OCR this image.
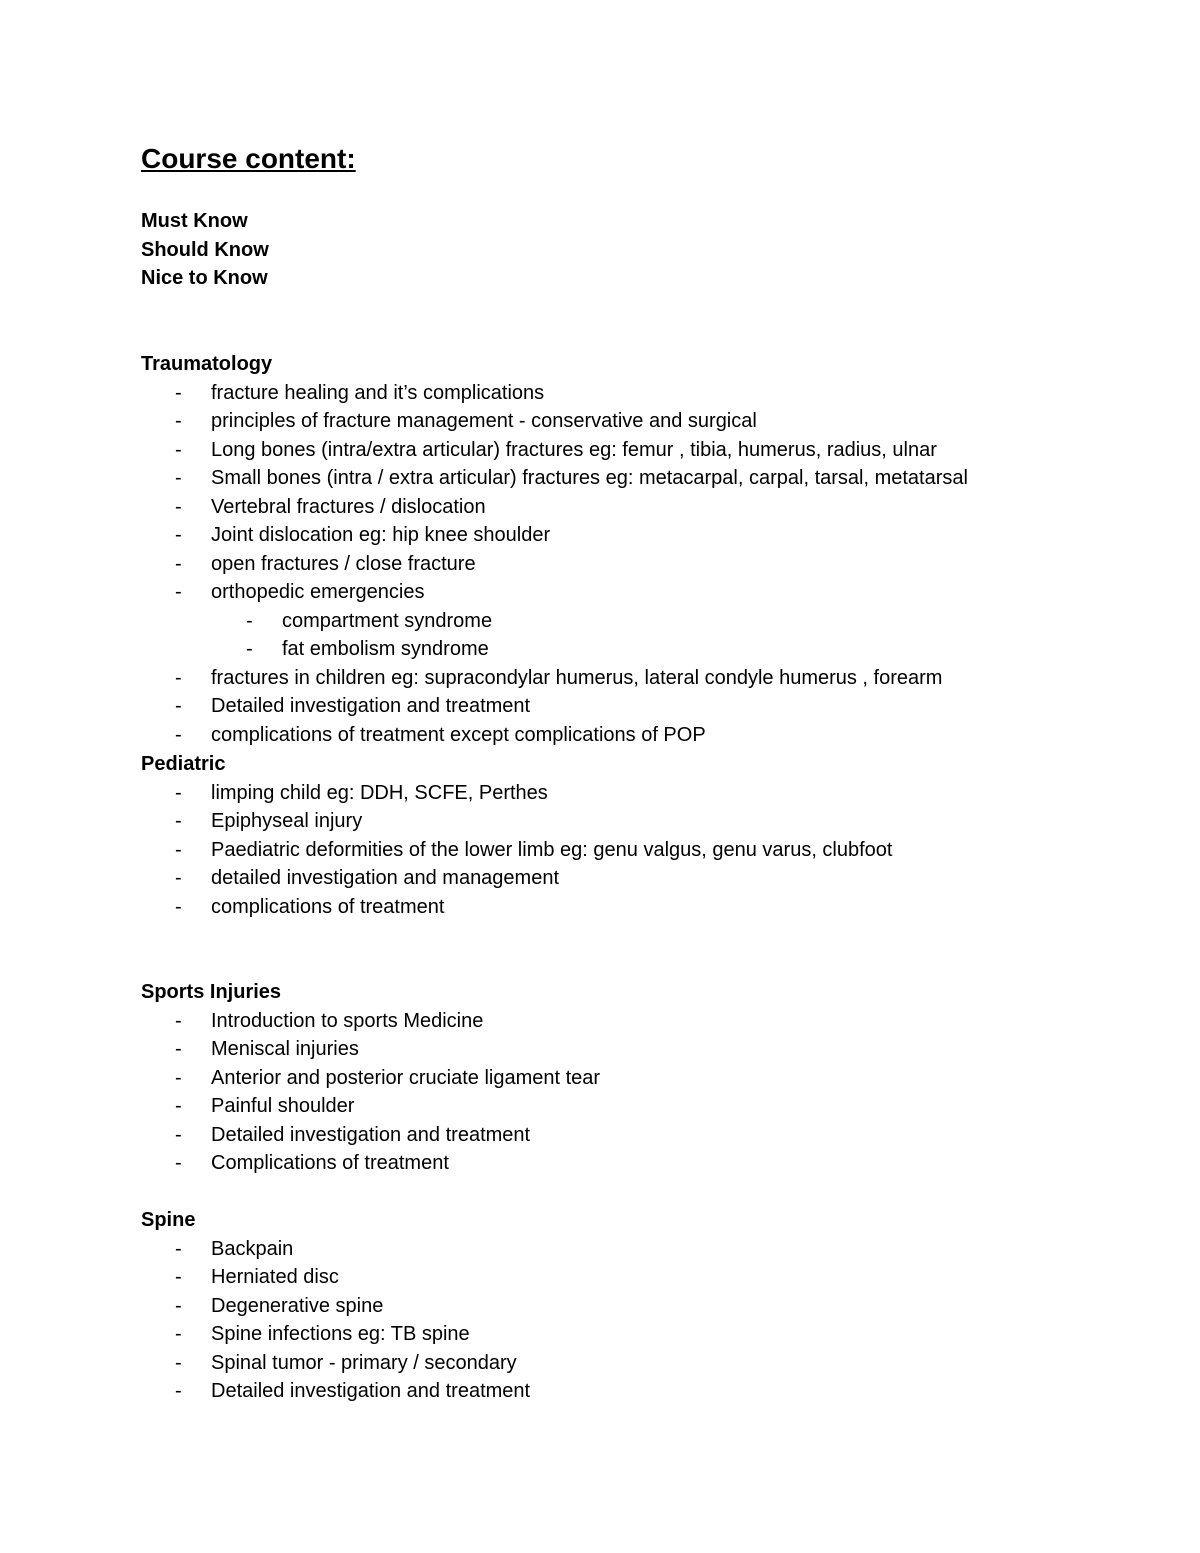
Course content:
Must Know
Should Know
Nice to Know
Traumatology
- fracture healing and it’s complications
- principles of fracture management - conservative and surgical
- Long bones (intra/extra articular) fractures eg: femur , tibia, humerus, radius, ulnar
- Small bones (intra / extra articular) fractures eg: metacarpal, carpal, tarsal, metatarsal
- Vertebral fractures / dislocation
- Joint dislocation eg: hip knee shoulder
- open fractures / close fracture
- orthopedic emergencies
- compartment syndrome
- fat embolism syndrome
- fractures in children eg: supracondylar humerus, lateral condyle humerus , forearm
- Detailed investigation and treatment
- complications of treatment except complications of POP
Pediatric
- limping child eg: DDH, SCFE, Perthes
- Epiphyseal injury
- Paediatric deformities of the lower limb eg: genu valgus, genu varus, clubfoot
- detailed investigation and management
- complications of treatment
Sports Injuries
- Introduction to sports Medicine
- Meniscal injuries
- Anterior and posterior cruciate ligament tear
- Painful shoulder
- Detailed investigation and treatment
- Complications of treatment
Spine
- Backpain
- Herniated disc
- Degenerative spine
- Spine infections eg: TB spine
- Spinal tumor - primary / secondary
- Detailed investigation and treatment
